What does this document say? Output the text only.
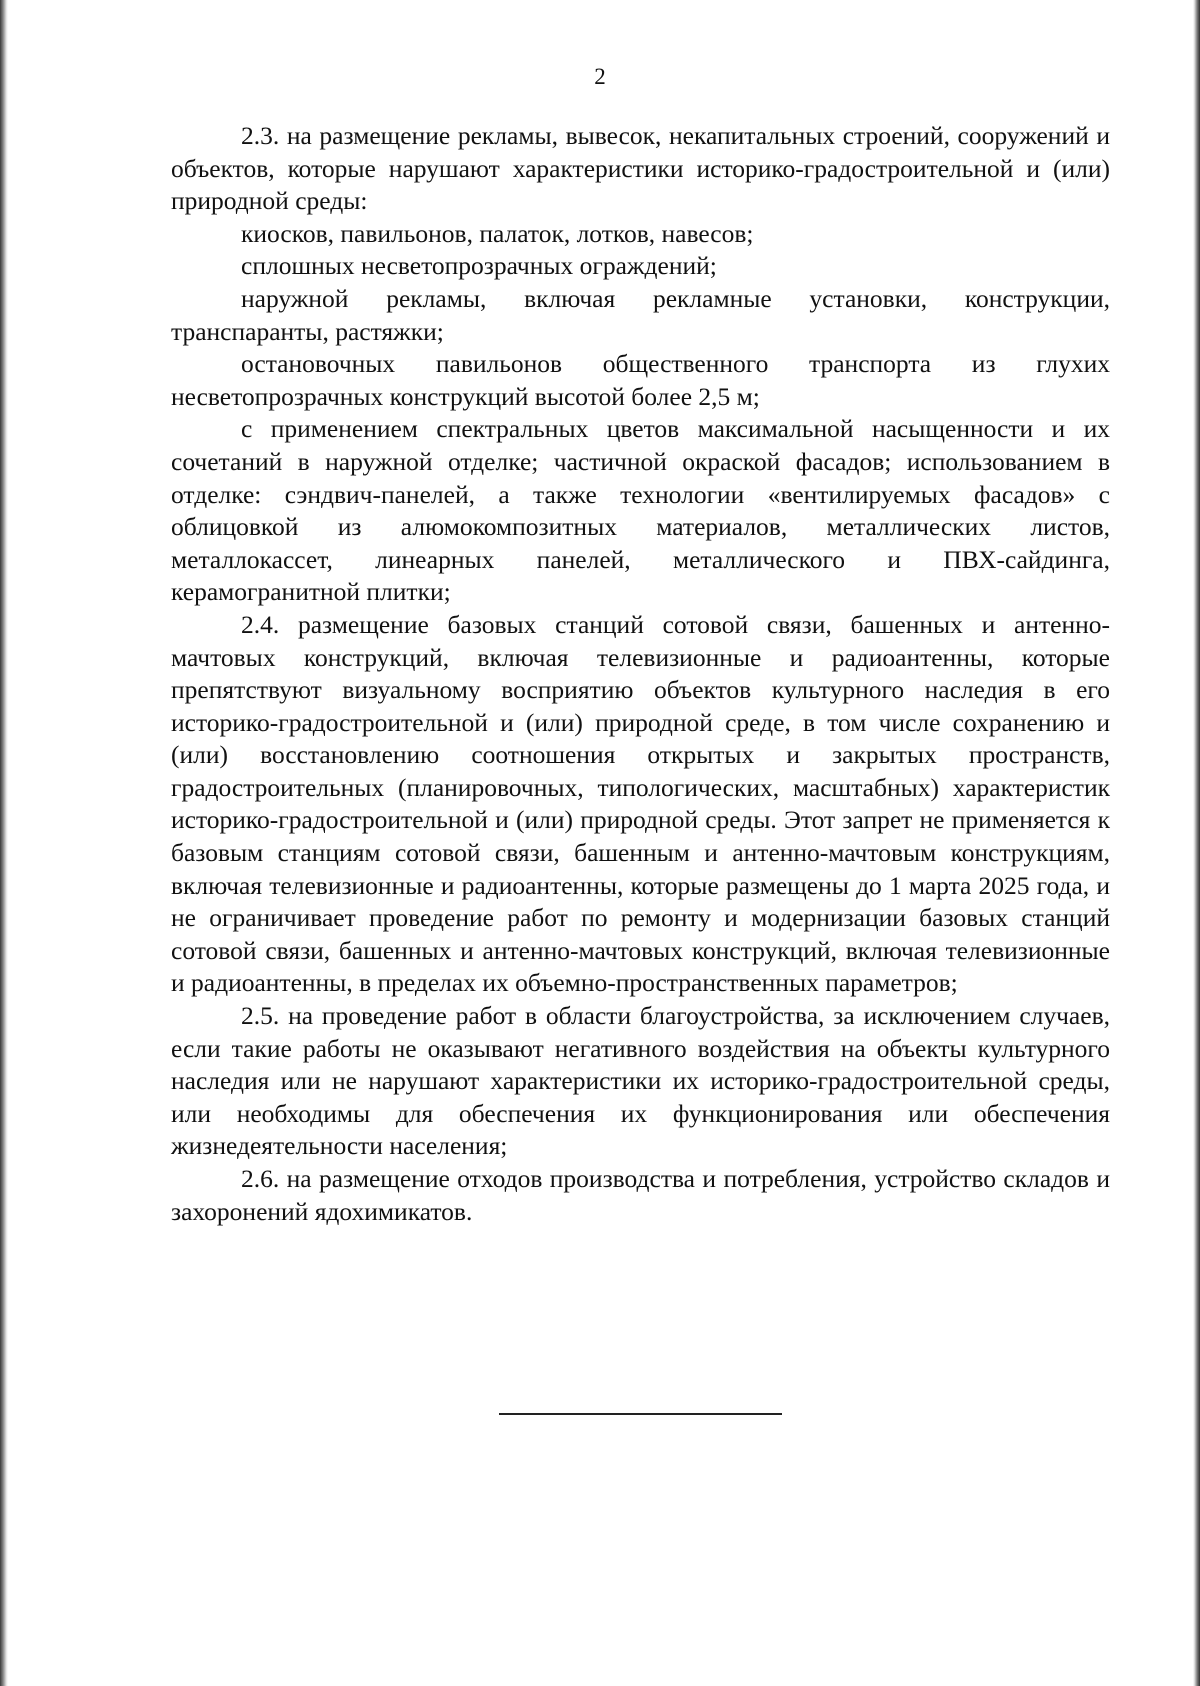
2

2.3. на размещение рекламы, вывесок, некапитальных строений, сооружений и объектов, которые нарушают характеристики историко-градостроительной и (или) природной среды:

киосков, павильонов, палаток, лотков, навесов;

сплошных несветопрозрачных ограждений;

наружной рекламы, включая рекламные установки, конструкции, транспаранты, растяжки;

остановочных павильонов общественного транспорта из глухих несветопрозрачных конструкций высотой более 2,5 м;

с применением спектральных цветов максимальной насыщенности и их сочетаний в наружной отделке; частичной окраской фасадов; использованием в отделке: сэндвич-панелей, а также технологии «вентилируемых фасадов» с облицовкой из алюмокомпозитных материалов, металлических листов, металлокассет, линеарных панелей, металлического и ПВХ-сайдинга, керамогранитной плитки;

2.4. размещение базовых станций сотовой связи, башенных и антенно-мачтовых конструкций, включая телевизионные и радиоантенны, которые препятствуют визуальному восприятию объектов культурного наследия в его историко-градостроительной и (или) природной среде, в том числе сохранению и (или) восстановлению соотношения открытых и закрытых пространств, градостроительных (планировочных, типологических, масштабных) характеристик историко-градостроительной и (или) природной среды. Этот запрет не применяется к базовым станциям сотовой связи, башенным и антенно-мачтовым конструкциям, включая телевизионные и радиоантенны, которые размещены до 1 марта 2025 года, и не ограничивает проведение работ по ремонту и модернизации базовых станций сотовой связи, башенных и антенно-мачтовых конструкций, включая телевизионные и радиоантенны, в пределах их объемно-пространственных параметров;

2.5. на проведение работ в области благоустройства, за исключением случаев, если такие работы не оказывают негативного воздействия на объекты культурного наследия или не нарушают характеристики их историко-градостроительной среды, или необходимы для обеспечения их функционирования или обеспечения жизнедеятельности населения;

2.6. на размещение отходов производства и потребления, устройство складов и захоронений ядохимикатов.
